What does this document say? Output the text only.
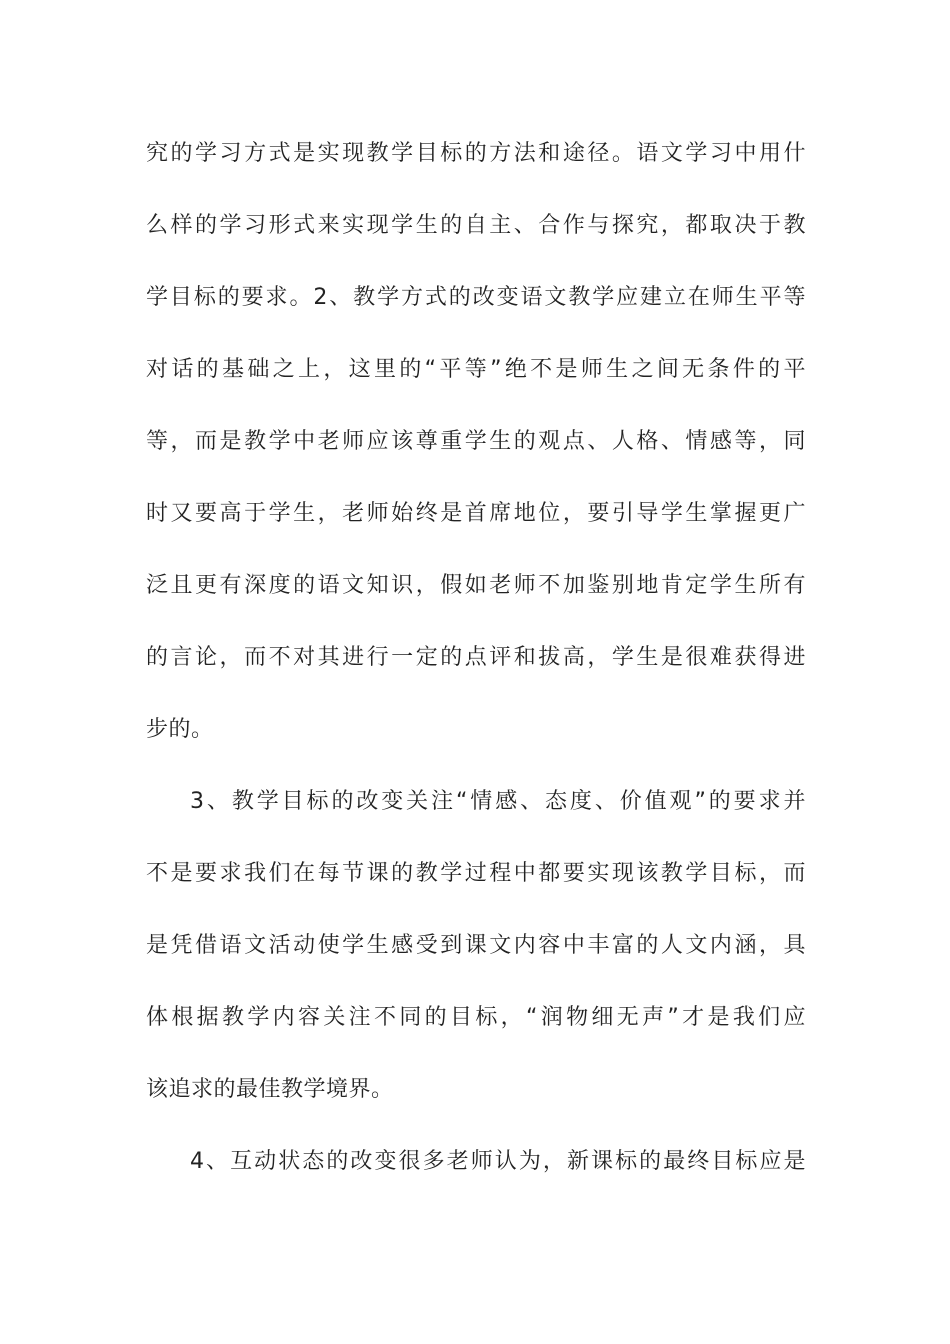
究的学习方式是实现教学目标的方法和途径。语文学习中用什
么样的学习形式来实现学生的自主、合作与探究，都取决于教
学目标的要求。2、教学方式的改变语文教学应建立在师生平等
对话的基础之上，这里的“平等”绝不是师生之间无条件的平
等，而是教学中老师应该尊重学生的观点、人格、情感等，同
时又要高于学生，老师始终是首席地位，要引导学生掌握更广
泛且更有深度的语文知识，假如老师不加鉴别地肯定学生所有
的言论，而不对其进行一定的点评和拔高，学生是很难获得进
步的。
3、教学目标的改变关注“情感、态度、价值观”的要求并
不是要求我们在每节课的教学过程中都要实现该教学目标，而
是凭借语文活动使学生感受到课文内容中丰富的人文内涵，具
体根据教学内容关注不同的目标，“润物细无声”才是我们应
该追求的最佳教学境界。
4、互动状态的改变很多老师认为，新课标的最终目标应是
